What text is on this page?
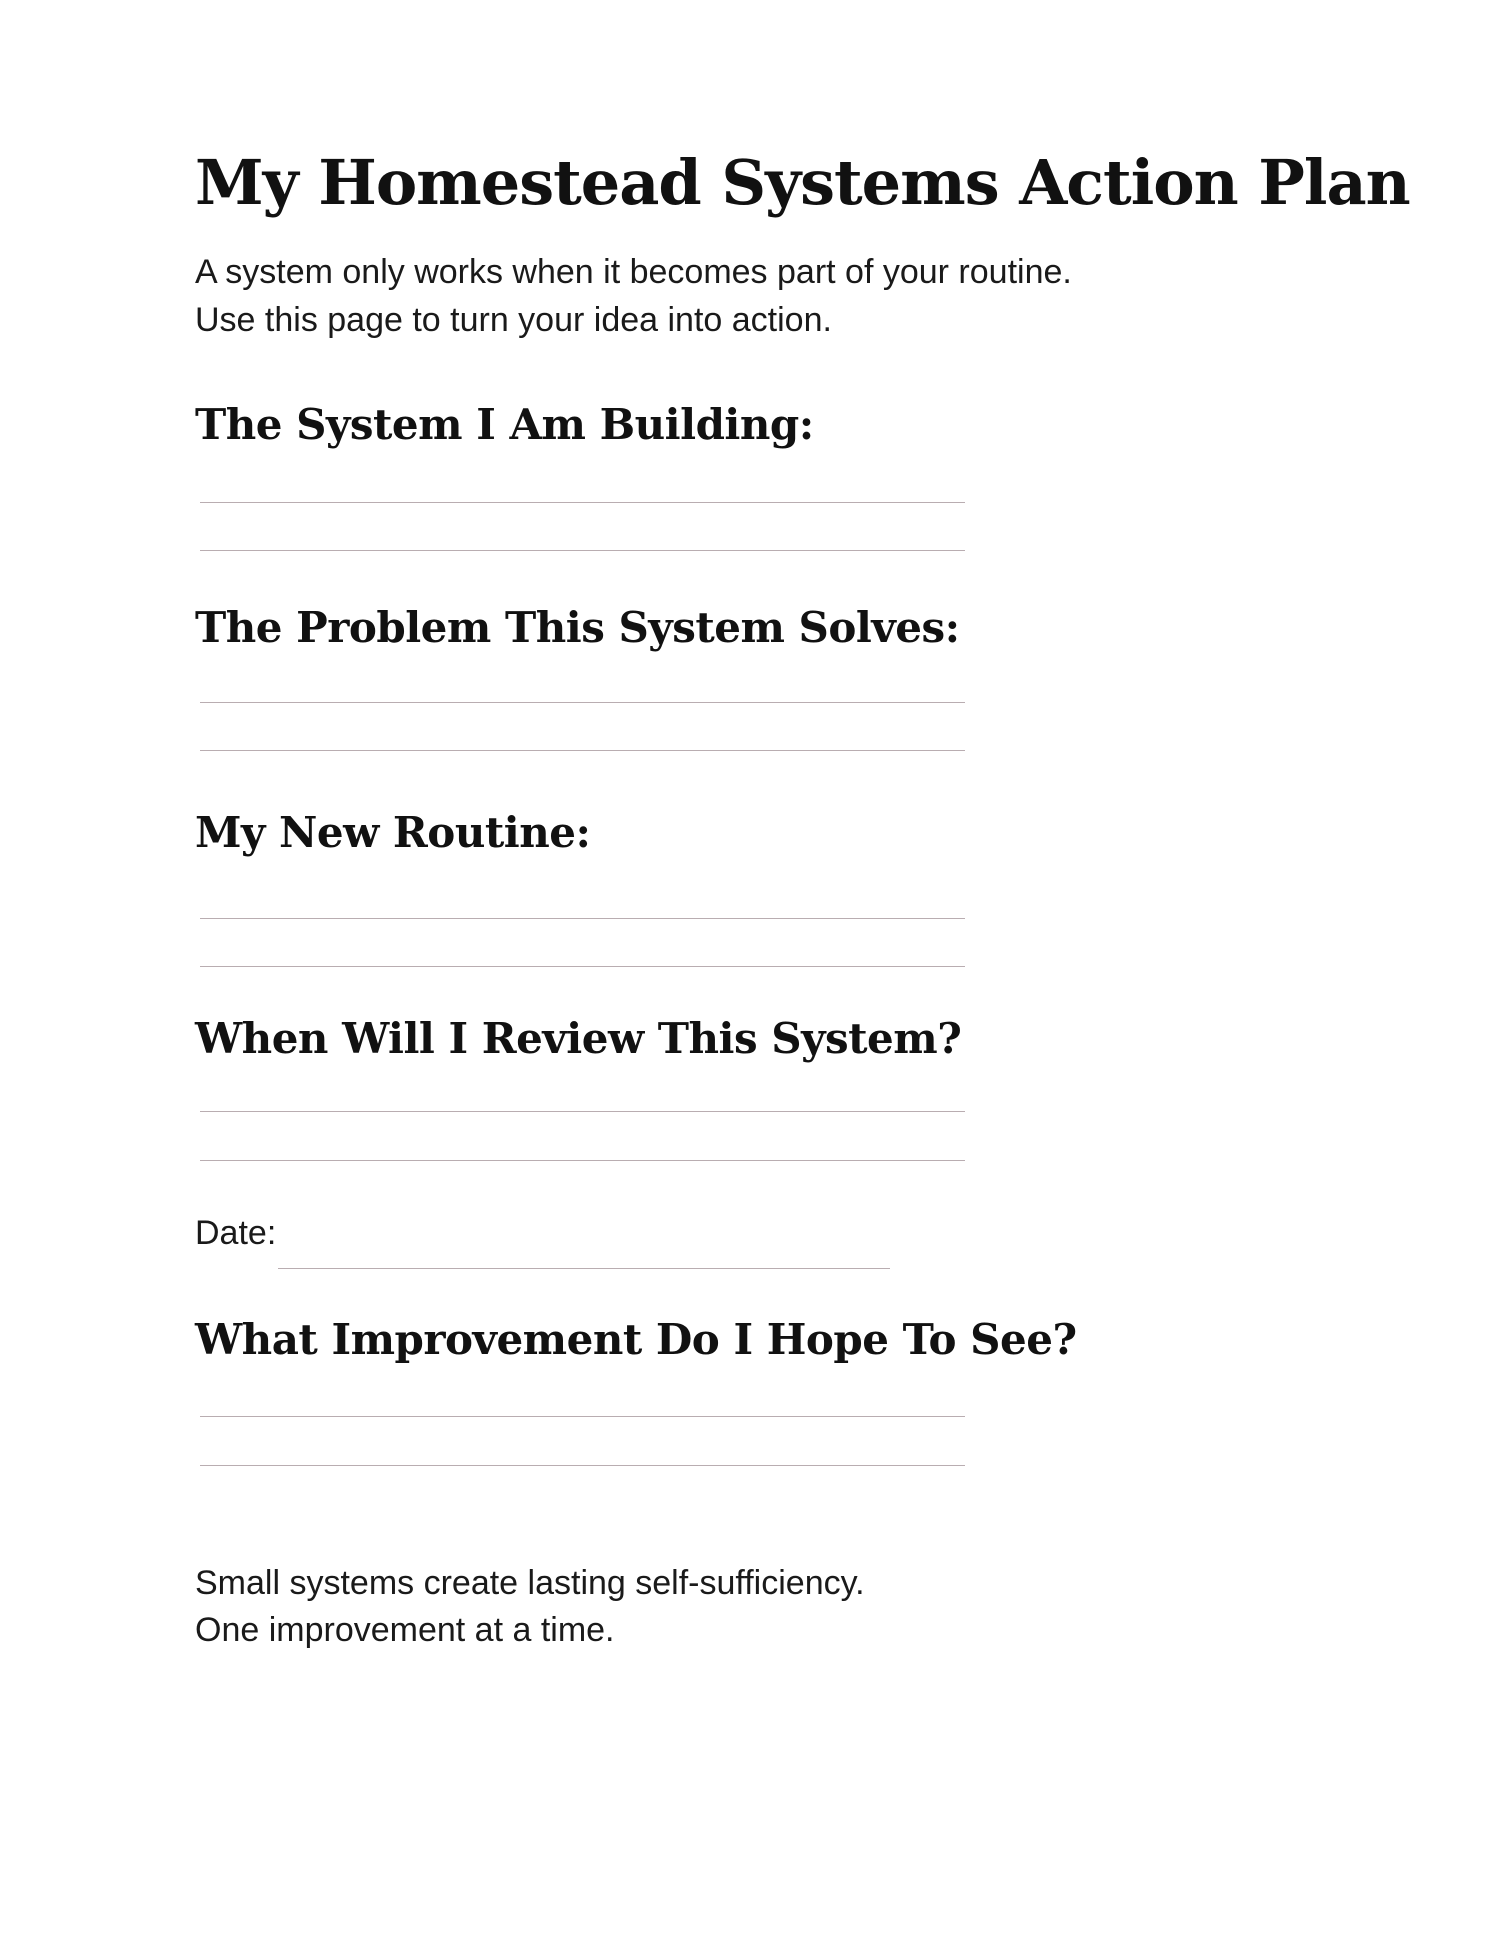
My Homestead Systems Action Plan
A system only works when it becomes part of your routine.
Use this page to turn your idea into action.
The System I Am Building:
The Problem This System Solves:
My New Routine:
When Will I Review This System?
Date:
What Improvement Do I Hope To See?
Small systems create lasting self-sufficiency.
One improvement at a time.
